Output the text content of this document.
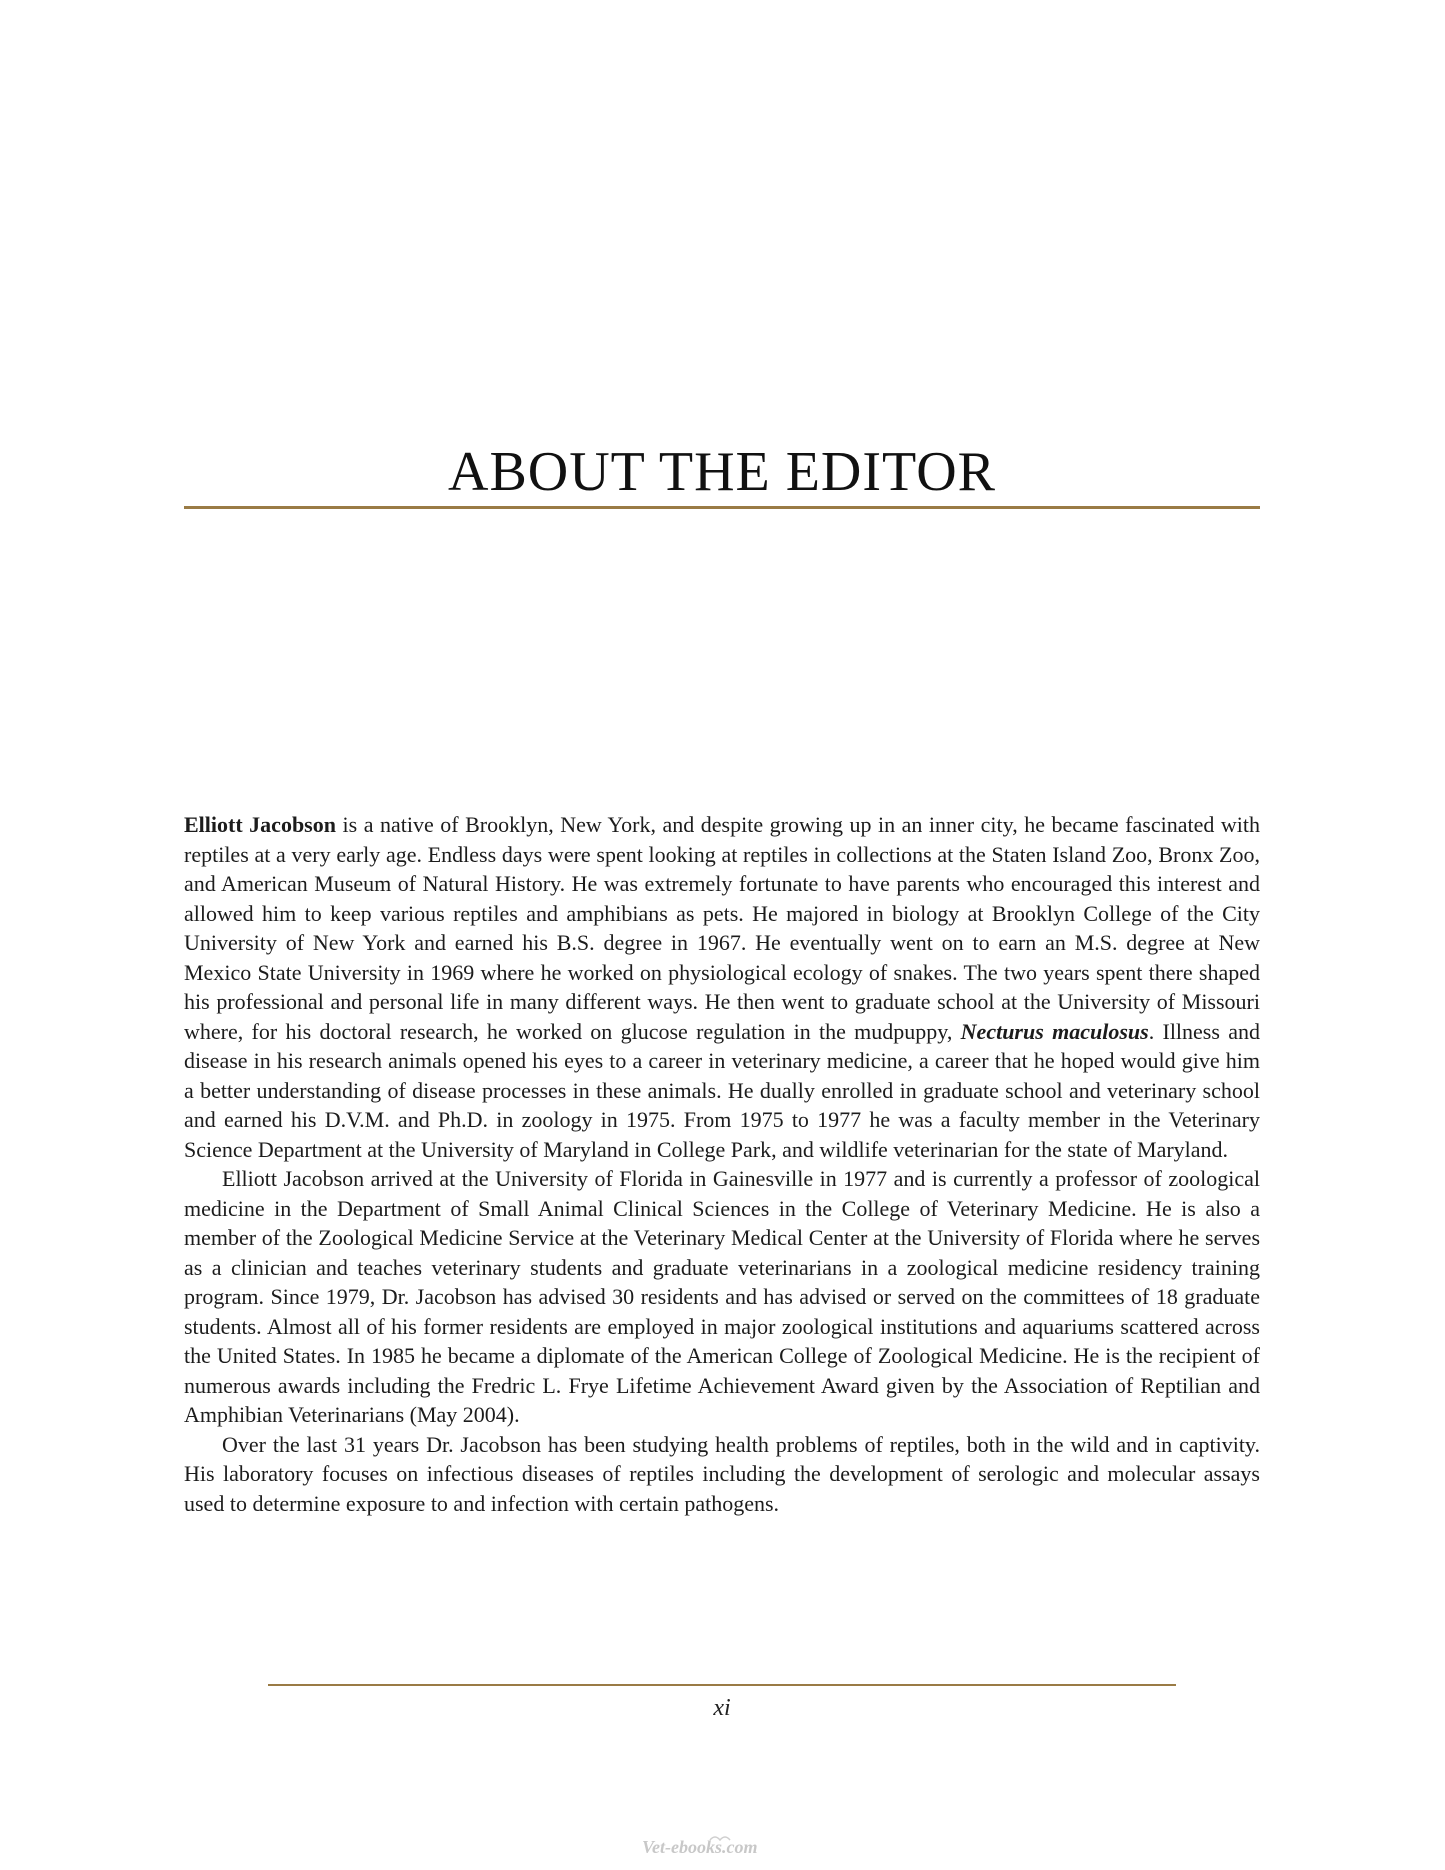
ABOUT THE EDITOR

Elliott Jacobson is a native of Brooklyn, New York, and despite growing up in an inner city, he became fascinated with reptiles at a very early age. Endless days were spent looking at reptiles in collections at the Staten Island Zoo, Bronx Zoo, and American Museum of Natural History. He was extremely fortunate to have parents who encouraged this interest and allowed him to keep various reptiles and amphibians as pets. He majored in biology at Brooklyn College of the City University of New York and earned his B.S. degree in 1967. He eventually went on to earn an M.S. degree at New Mexico State University in 1969 where he worked on physiological ecology of snakes. The two years spent there shaped his professional and personal life in many different ways. He then went to graduate school at the University of Missouri where, for his doctoral research, he worked on glucose regulation in the mudpuppy, Necturus maculosus. Illness and disease in his research animals opened his eyes to a career in veterinary medicine, a career that he hoped would give him a better understanding of disease processes in these animals. He dually enrolled in graduate school and veterinary school and earned his D.V.M. and Ph.D. in zoology in 1975. From 1975 to 1977 he was a faculty member in the Veterinary Science Department at the University of Maryland in College Park, and wildlife veterinarian for the state of Maryland.

Elliott Jacobson arrived at the University of Florida in Gainesville in 1977 and is currently a professor of zoological medicine in the Department of Small Animal Clinical Sciences in the College of Veterinary Medicine. He is also a member of the Zoological Medicine Service at the Veterinary Medical Center at the University of Florida where he serves as a clinician and teaches veterinary students and graduate veterinarians in a zoological medicine residency training program. Since 1979, Dr. Jacobson has advised 30 residents and has advised or served on the committees of 18 graduate students. Almost all of his former residents are employed in major zoological institutions and aquariums scattered across the United States. In 1985 he became a diplomate of the American College of Zoological Medicine. He is the recipient of numerous awards including the Fredric L. Frye Lifetime Achievement Award given by the Association of Reptilian and Amphibian Veterinarians (May 2004).

Over the last 31 years Dr. Jacobson has been studying health problems of reptiles, both in the wild and in captivity. His laboratory focuses on infectious diseases of reptiles including the development of serologic and molecular assays used to determine exposure to and infection with certain pathogens.

xi
Vet-ebooks.com
